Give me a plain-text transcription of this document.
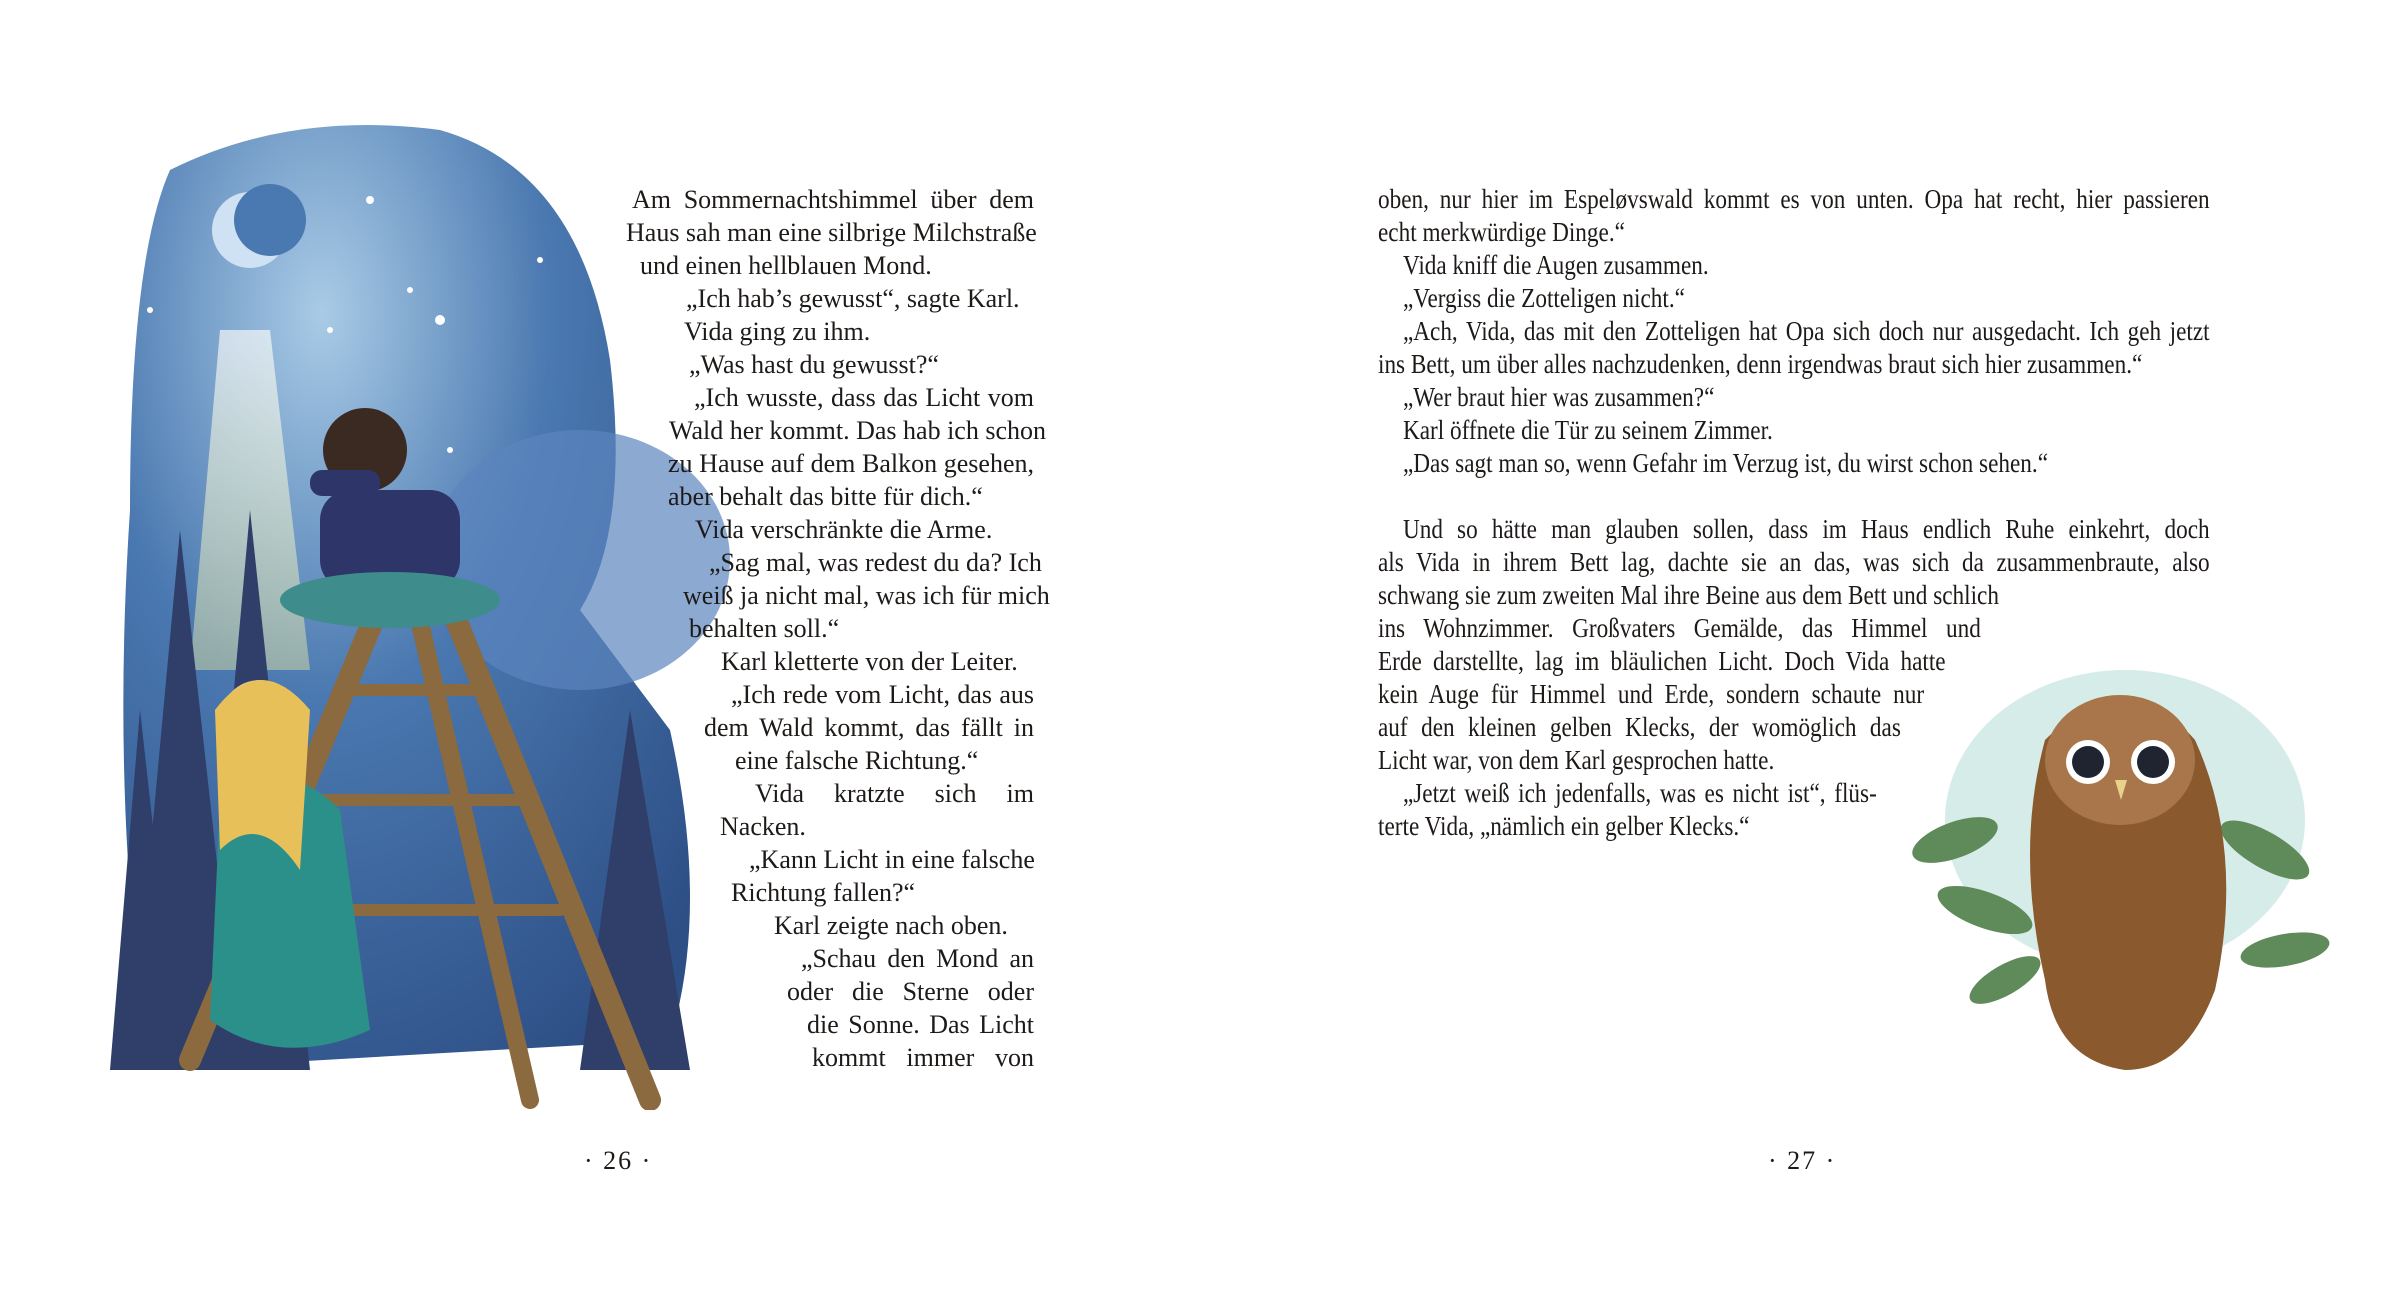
Am Sommernachtshimmel über dem
Haus sah man eine silbrige Milchstraße
und einen hellblauen Mond.
„Ich hab’s gewusst“, sagte Karl.
Vida ging zu ihm.
„Was hast du gewusst?“
„Ich wusste, dass das Licht vom
Wald her kommt. Das hab ich schon
zu Hause auf dem Balkon gesehen,
aber behalt das bitte für dich.“
Vida verschränkte die Arme.
„Sag mal, was redest du da? Ich
weiß ja nicht mal, was ich für mich
behalten soll.“
Karl kletterte von der Leiter.
„Ich rede vom Licht, das aus
dem Wald kommt, das fällt in
eine falsche Richtung.“
Vida kratzte sich im
Nacken.
„Kann Licht in eine falsche
Richtung fallen?“
Karl zeigte nach oben.
„Schau den Mond an
oder die Sterne oder
die Sonne. Das Licht
kommt immer von
oben, nur hier im Espeløvswald kommt es von unten. Opa hat recht, hier passieren
echt merkwürdige Dinge.“
Vida kniff die Augen zusammen.
„Vergiss die Zotteligen nicht.“
„Ach, Vida, das mit den Zotteligen hat Opa sich doch nur ausgedacht. Ich geh jetzt
ins Bett, um über alles nachzudenken, denn irgendwas braut sich hier zusammen.“
„Wer braut hier was zusammen?“
Karl öffnete die Tür zu seinem Zimmer.
„Das sagt man so, wenn Gefahr im Verzug ist, du wirst schon sehen.“
Und so hätte man glauben sollen, dass im Haus endlich Ruhe einkehrt, doch
als Vida in ihrem Bett lag, dachte sie an das, was sich da zusammenbraute, also
schwang sie zum zweiten Mal ihre Beine aus dem Bett und schlich
ins Wohnzimmer. Großvaters Gemälde, das Himmel und
Erde darstellte, lag im bläulichen Licht. Doch Vida hatte
kein Auge für Himmel und Erde, sondern schaute nur
auf den kleinen gelben Klecks, der womöglich das
Licht war, von dem Karl gesprochen hatte.
„Jetzt weiß ich jedenfalls, was es nicht ist“, flüs-
terte Vida, „nämlich ein gelber Klecks.“
· 26 ·	· 27 ·
